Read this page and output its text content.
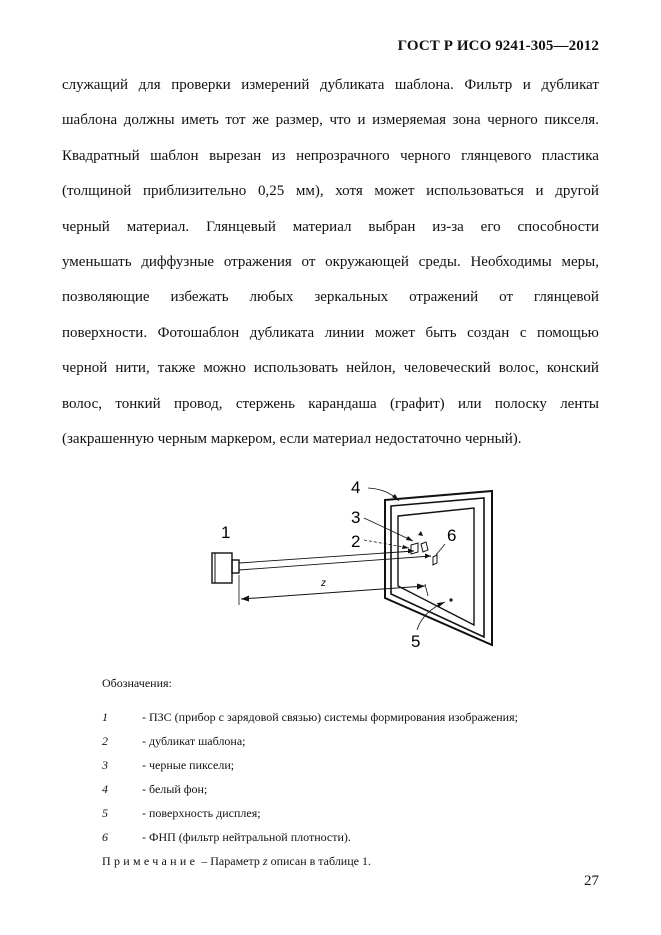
ГОСТ Р ИСО 9241-305—2012
служащий для проверки измерений дубликата шаблона. Фильтр и дубликат
шаблона должны иметь тот же размер, что и измеряемая зона черного пикселя.
Квадратный шаблон вырезан из непрозрачного черного глянцевого пластика
(толщиной приблизительно 0,25 мм), хотя может использоваться и другой
черный материал. Глянцевый материал выбран из-за его способности
уменьшать диффузные отражения от окружающей среды. Необходимы меры,
позволяющие избежать любых зеркальных отражений от глянцевой
поверхности. Фотошаблон дубликата линии может быть создан с помощью
черной нити, также можно использовать нейлон, человеческий волос, конский
волос, тонкий провод, стержень карандаша (графит) или полоску ленты
(закрашенную черным маркером, если материал недостаточно черный).
1
4
3
2	6
5
z
Обозначения:
1	- ПЗС (прибор с зарядовой связью) системы формирования изображения;
2	- дубликат шаблона;
3	- черные пиксели;
4	- белый фон;
5	- поверхность дисплея;
6	- ФНП (фильтр нейтральной плотности).
Примечание – Параметр z описан в таблице 1.
27
